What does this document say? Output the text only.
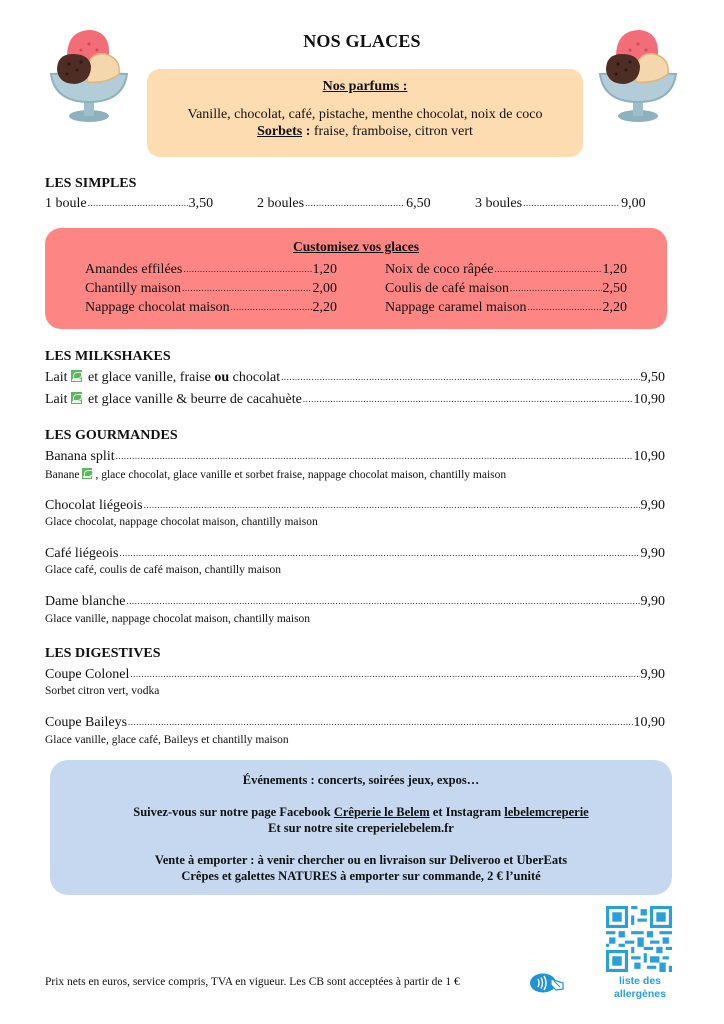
NOS GLACES
Nos parfums :
Vanille, chocolat, café, pistache, menthe chocolat, noix de coco
Sorbets : fraise, framboise, citron vert
LES SIMPLES
1 boule .....	3,50	2 boules .....	6,50	3 boules .....	9,00
Customisez vos glaces
Amandes effilées .....	1,20
Chantilly maison .....	2,00
Nappage chocolat maison .....	2,20
Noix de coco râpée .....	1,20
Coulis de café maison .....	2,50
Nappage caramel maison .....	2,20
LES MILKSHAKES
Lait et glace vanille, fraise ou chocolat .....	9,50
Lait et glace vanille & beurre de cacahuète .....	10,90
LES GOURMANDES
Banana split .....	10,90
Banane , glace chocolat, glace vanille et sorbet fraise, nappage chocolat maison, chantilly maison
Chocolat liégeois .....	9,90
Glace chocolat, nappage chocolat maison, chantilly maison
Café liégeois .....	9,90
Glace café, coulis de café maison, chantilly maison
Dame blanche .....	9,90
Glace vanille, nappage chocolat maison, chantilly maison
LES DIGESTIVES
Coupe Colonel .....	9,90
Sorbet citron vert, vodka
Coupe Baileys .....	10,90
Glace vanille, glace café, Baileys et chantilly maison

Événements : concerts, soirées jeux, expos…

Suivez-vous sur notre page Facebook Crêperie le Belem et Instagram lebelemcreperie

Et sur notre site creperielebelem.fr

Vente à emporter : à venir chercher ou en livraison sur Deliveroo et UberEats

Crêpes et galettes NATURES à emporter sur commande, 2 € l’unité

Prix nets en euros, service compris, TVA en vigueur. Les CB sont acceptées à partir de 1 €	liste des
allergènes
